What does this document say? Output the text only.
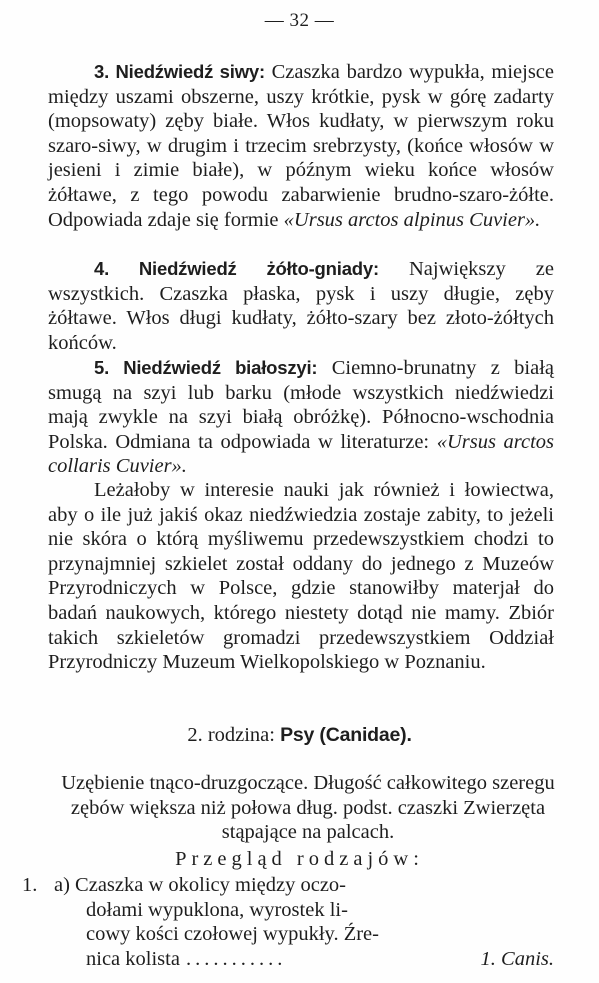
— 32 —
3. Niedźwiedź siwy: Czaszka bardzo wypukła, miejsce między uszami obszerne, uszy krótkie, pysk w górę zadarty (mopsowaty) zęby białe. Włos kudłaty, w pierwszym roku szaro-siwy, w drugim i trzecim srebrzysty, (końce włosów w jesieni i zimie białe), w późnym wieku końce włosów żółtawe, z tego powodu zabarwienie brudno-szaro-żółte. Odpowiada zdaje się formie «Ursus arctos alpinus Cuvier».
4. Niedźwiedź żółto-gniady: Największy ze wszystkich. Czaszka płaska, pysk i uszy długie, zęby żółtawe. Włos długi kudłaty, żółto-szary bez złoto-żółtych końców.
5. Niedźwiedź białoszyi: Ciemno-brunatny z białą smugą na szyi lub barku (młode wszystkich niedźwiedzi mają zwykle na szyi białą obróżkę). Północno-wschodnia Polska. Odmiana ta odpowiada w literaturze: «Ursus arctos collaris Cuvier».

Leżałoby w interesie nauki jak również i łowiectwa, aby o ile już jakiś okaz niedźwiedzia zostaje zabity, to jeżeli nie skóra o którą myśliwemu przedewszystkiem chodzi to przynajmniej szkielet został oddany do jednego z Muzeów Przyrodniczych w Polsce, gdzie stanowiłby materjał do badań naukowych, którego niestety dotąd nie mamy. Zbiór takich szkieletów gromadzi przedewszystkiem Oddział Przyrodniczy Muzeum Wielkopolskiego w Poznaniu.

2. rodzina: Psy (Canidae).

Uzębienie tnąco-druzgoczące. Długość całkowitego szeregu zębów większa niż połowa dług. podst. czaszki Zwierzęta stąpające na palcach.

Przegląd rodzajów:
1. a) Czaszka w okolicy między oczo-
dołami wypuklona, wyrostek li-
cowy kości czołowej wypukły. Źre-
nica kolista ...........	1. Canis.
